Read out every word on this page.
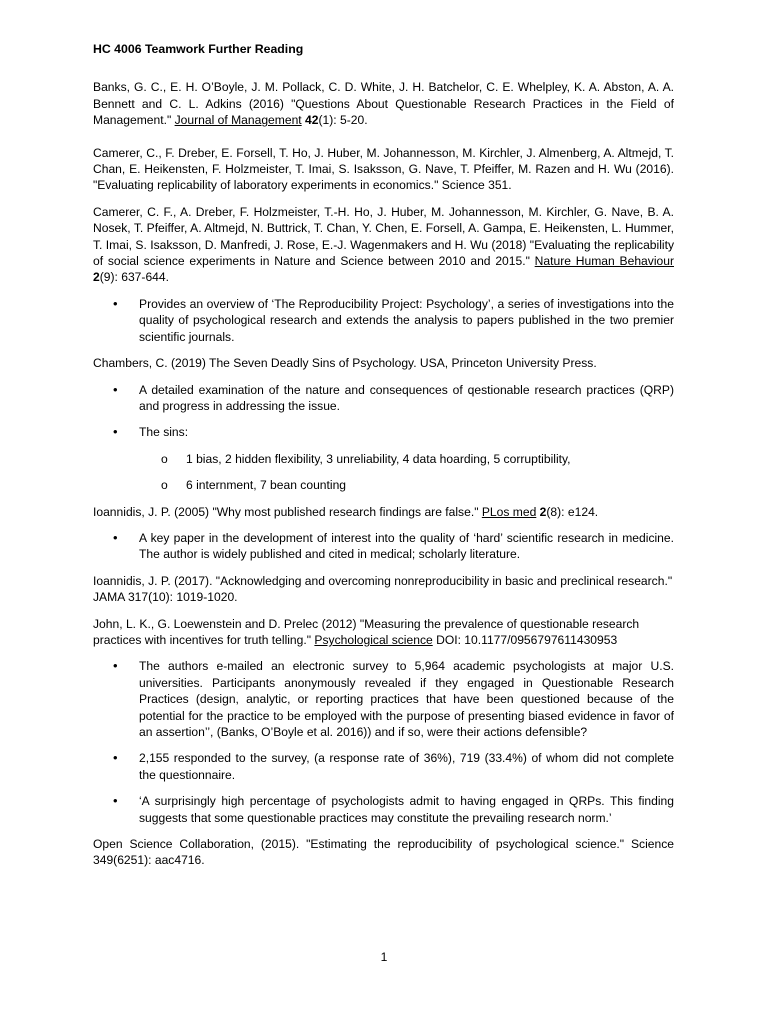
HC 4006 Teamwork Further Reading

Banks, G. C., E. H. O’Boyle, J. M. Pollack, C. D. White, J. H. Batchelor, C. E. Whelpley, K. A. Abston, A. A. Bennett and C. L. Adkins (2016) "Questions About Questionable Research Practices in the Field of Management." Journal of Management 42(1): 5-20.

Camerer, C., F. Dreber, E. Forsell, T. Ho, J. Huber, M. Johannesson, M. Kirchler, J. Almenberg, A. Altmejd, T. Chan, E. Heikensten, F. Holzmeister, T. Imai, S. Isaksson, G. Nave, T. Pfeiffer, M. Razen and H. Wu (2016). "Evaluating replicability of laboratory experiments in economics." Science 351.

Camerer, C. F., A. Dreber, F. Holzmeister, T.-H. Ho, J. Huber, M. Johannesson, M. Kirchler, G. Nave, B. A. Nosek, T. Pfeiffer, A. Altmejd, N. Buttrick, T. Chan, Y. Chen, E. Forsell, A. Gampa, E. Heikensten, L. Hummer, T. Imai, S. Isaksson, D. Manfredi, J. Rose, E.-J. Wagenmakers and H. Wu (2018) "Evaluating the replicability of social science experiments in Nature and Science between 2010 and 2015." Nature Human Behaviour 2(9): 637-644.

• Provides an overview of ‘The Reproducibility Project: Psychology’, a series of investigations into the quality of psychological research and extends the analysis to papers published in the two premier scientific journals.

Chambers, C. (2019) The Seven Deadly Sins of Psychology. USA, Princeton University Press.

• A detailed examination of the nature and consequences of qestionable research practices (QRP) and progress in addressing the issue.
• The sins:
o 1 bias, 2 hidden flexibility, 3 unreliability, 4 data hoarding, 5 corruptibility,
o 6 internment, 7 bean counting

Ioannidis, J. P. (2005) "Why most published research findings are false." PLos med 2(8): e124.

• A key paper in the development of interest into the quality of ‘hard’ scientific research in medicine. The author is widely published and cited in medical; scholarly literature.

Ioannidis, J. P. (2017). "Acknowledging and overcoming nonreproducibility in basic and preclinical research." JAMA 317(10): 1019-1020.

John, L. K., G. Loewenstein and D. Prelec (2012) "Measuring the prevalence of questionable research practices with incentives for truth telling." Psychological science DOI: 10.1177/0956797611430953

• The authors e-mailed an electronic survey to 5,964 academic psychologists at major U.S. universities. Participants anonymously revealed if they engaged in Questionable Research Practices (design, analytic, or reporting practices that have been questioned because of the potential for the practice to be employed with the purpose of presenting biased evidence in favor of an assertion’’, (Banks, O’Boyle et al. 2016)) and if so, were their actions defensible?
• 2,155 responded to the survey, (a response rate of 36%), 719 (33.4%) of whom did not complete the questionnaire.
• ‘A surprisingly high percentage of psychologists admit to having engaged in QRPs. This finding suggests that some questionable practices may constitute the prevailing research norm.’

Open Science Collaboration, (2015). "Estimating the reproducibility of psychological science." Science 349(6251): aac4716.

1
